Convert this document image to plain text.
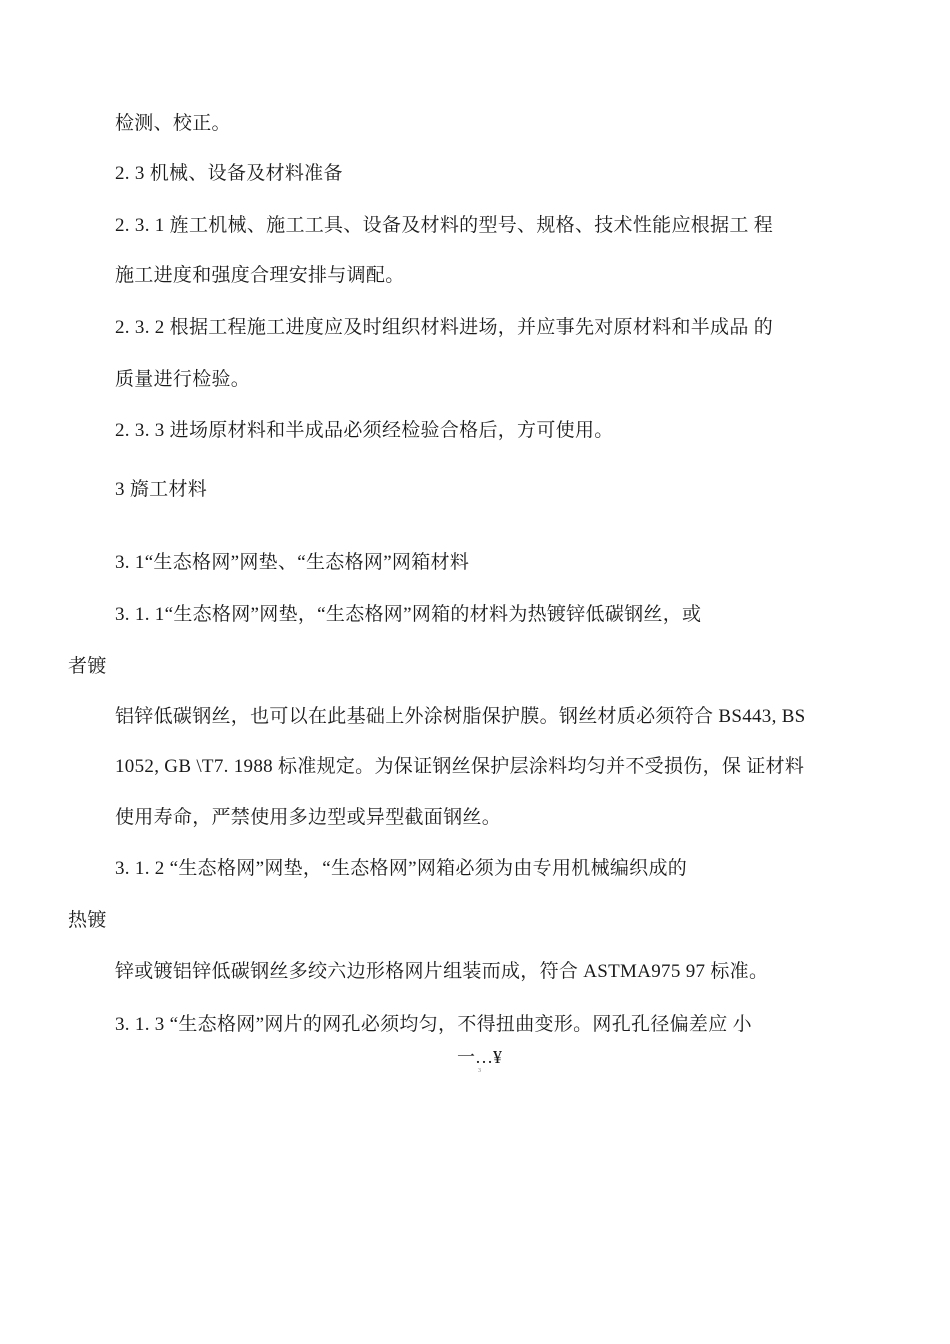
检测、校正。
2. 3 机械、设备及材料准备
2. 3. 1 旌工机械、施工工具、设备及材料的型号、规格、技术性能应根据工 程
施工进度和强度合理安排与调配。
2. 3. 2 根据工程施工进度应及时组织材料进场，并应事先对原材料和半成品 的
质量进行检验。
2. 3. 3 进场原材料和半成品必须经检验合格后，方可使用。
3 旖工材料
3. 1“生态格网”网垫、“生态格网”网箱材料
3. 1. 1“生态格网”网垫，“生态格网”网箱的材料为热镀锌低碳钢丝，或
者镀
铝锌低碳钢丝，也可以在此基础上外涂树脂保护膜。钢丝材质必须符合 BS443, BS
1052, GB \T7. 1988 标准规定。为保证钢丝保护层涂料均匀并不受损伤，保 证材料
使用寿命，严禁使用多边型或异型截面钢丝。
3. 1. 2 “生态格网”网垫，“生态格网”网箱必须为由专用机械编织成的
热镀
锌或镀铝锌低碳钢丝多绞六边形格网片组装而成，符合 ASTMA975 97 标准。
3. 1. 3 “生态格网”网片的网孔必须均匀，不得扭曲变形。网孔孔径偏差应 小
一…¥
3
